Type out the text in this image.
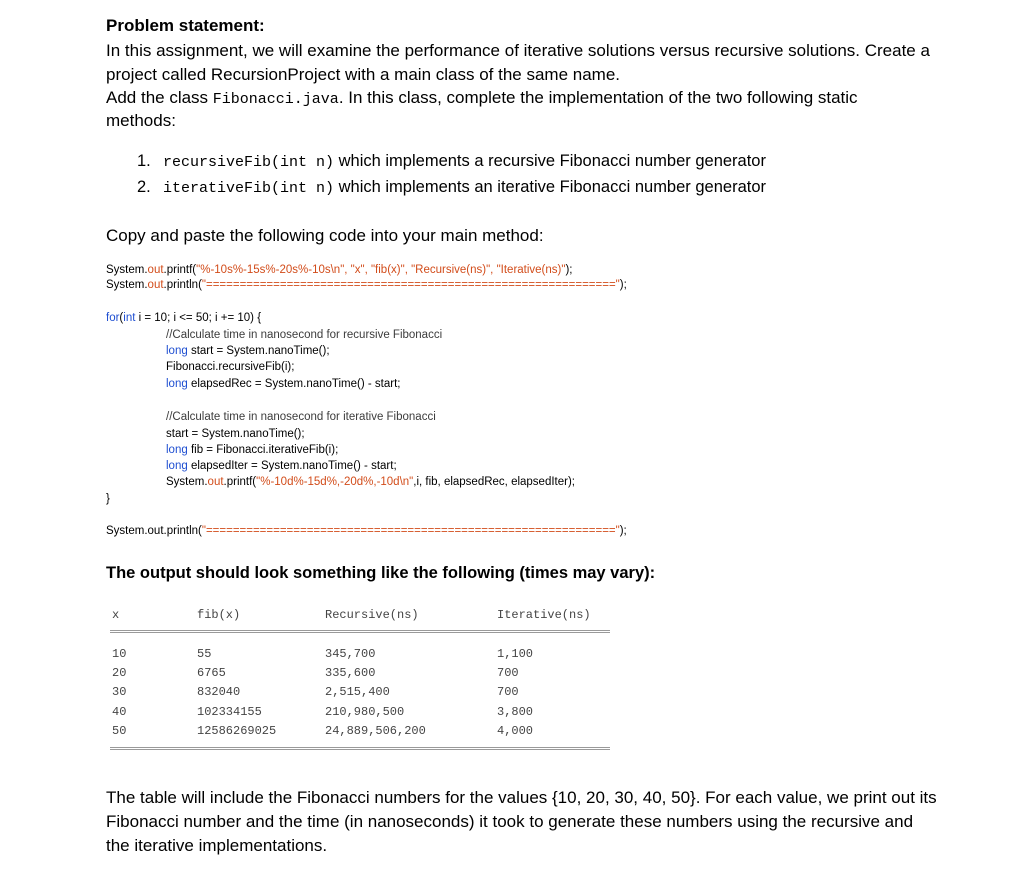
Problem statement:
In this assignment, we will examine the performance of iterative solutions versus recursive solutions. Create a
project called RecursionProject with a main class of the same name.
Add the class Fibonacci.java. In this class, complete the implementation of the two following static
methods:
1. recursiveFib(int n) which implements a recursive Fibonacci number generator
2. iterativeFib(int n) which implements an iterative Fibonacci number generator
Copy and paste the following code into your main method:
System.out.printf("%-10s%-15s%-20s%-10s\n", "x", "fib(x)", "Recursive(ns)", "Iterative(ns)");
System.out.println("=============================================================");
for(int i = 10; i <= 50; i += 10) {
//Calculate time in nanosecond for recursive Fibonacci
long start = System.nanoTime();
Fibonacci.recursiveFib(i);
long elapsedRec = System.nanoTime() - start;
//Calculate time in nanosecond for iterative Fibonacci
start = System.nanoTime();
long fib = Fibonacci.iterativeFib(i);
long elapsedIter = System.nanoTime() - start;
System.out.printf("%-10d%-15d%,-20d%,-10d\n",i, fib, elapsedRec, elapsedIter);
}
System.out.println("=============================================================");
The output should look something like the following (times may vary):
x	fib(x)	Recursive(ns)	Iterative(ns)
10	55	345,700	1,100
20	6765	335,600	700
30	832040	2,515,400	700
40	102334155	210,980,500	3,800
50	12586269025	24,889,506,200	4,000
The table will include the Fibonacci numbers for the values {10, 20, 30, 40, 50}. For each value, we print out its
Fibonacci number and the time (in nanoseconds) it took to generate these numbers using the recursive and
the iterative implementations.
